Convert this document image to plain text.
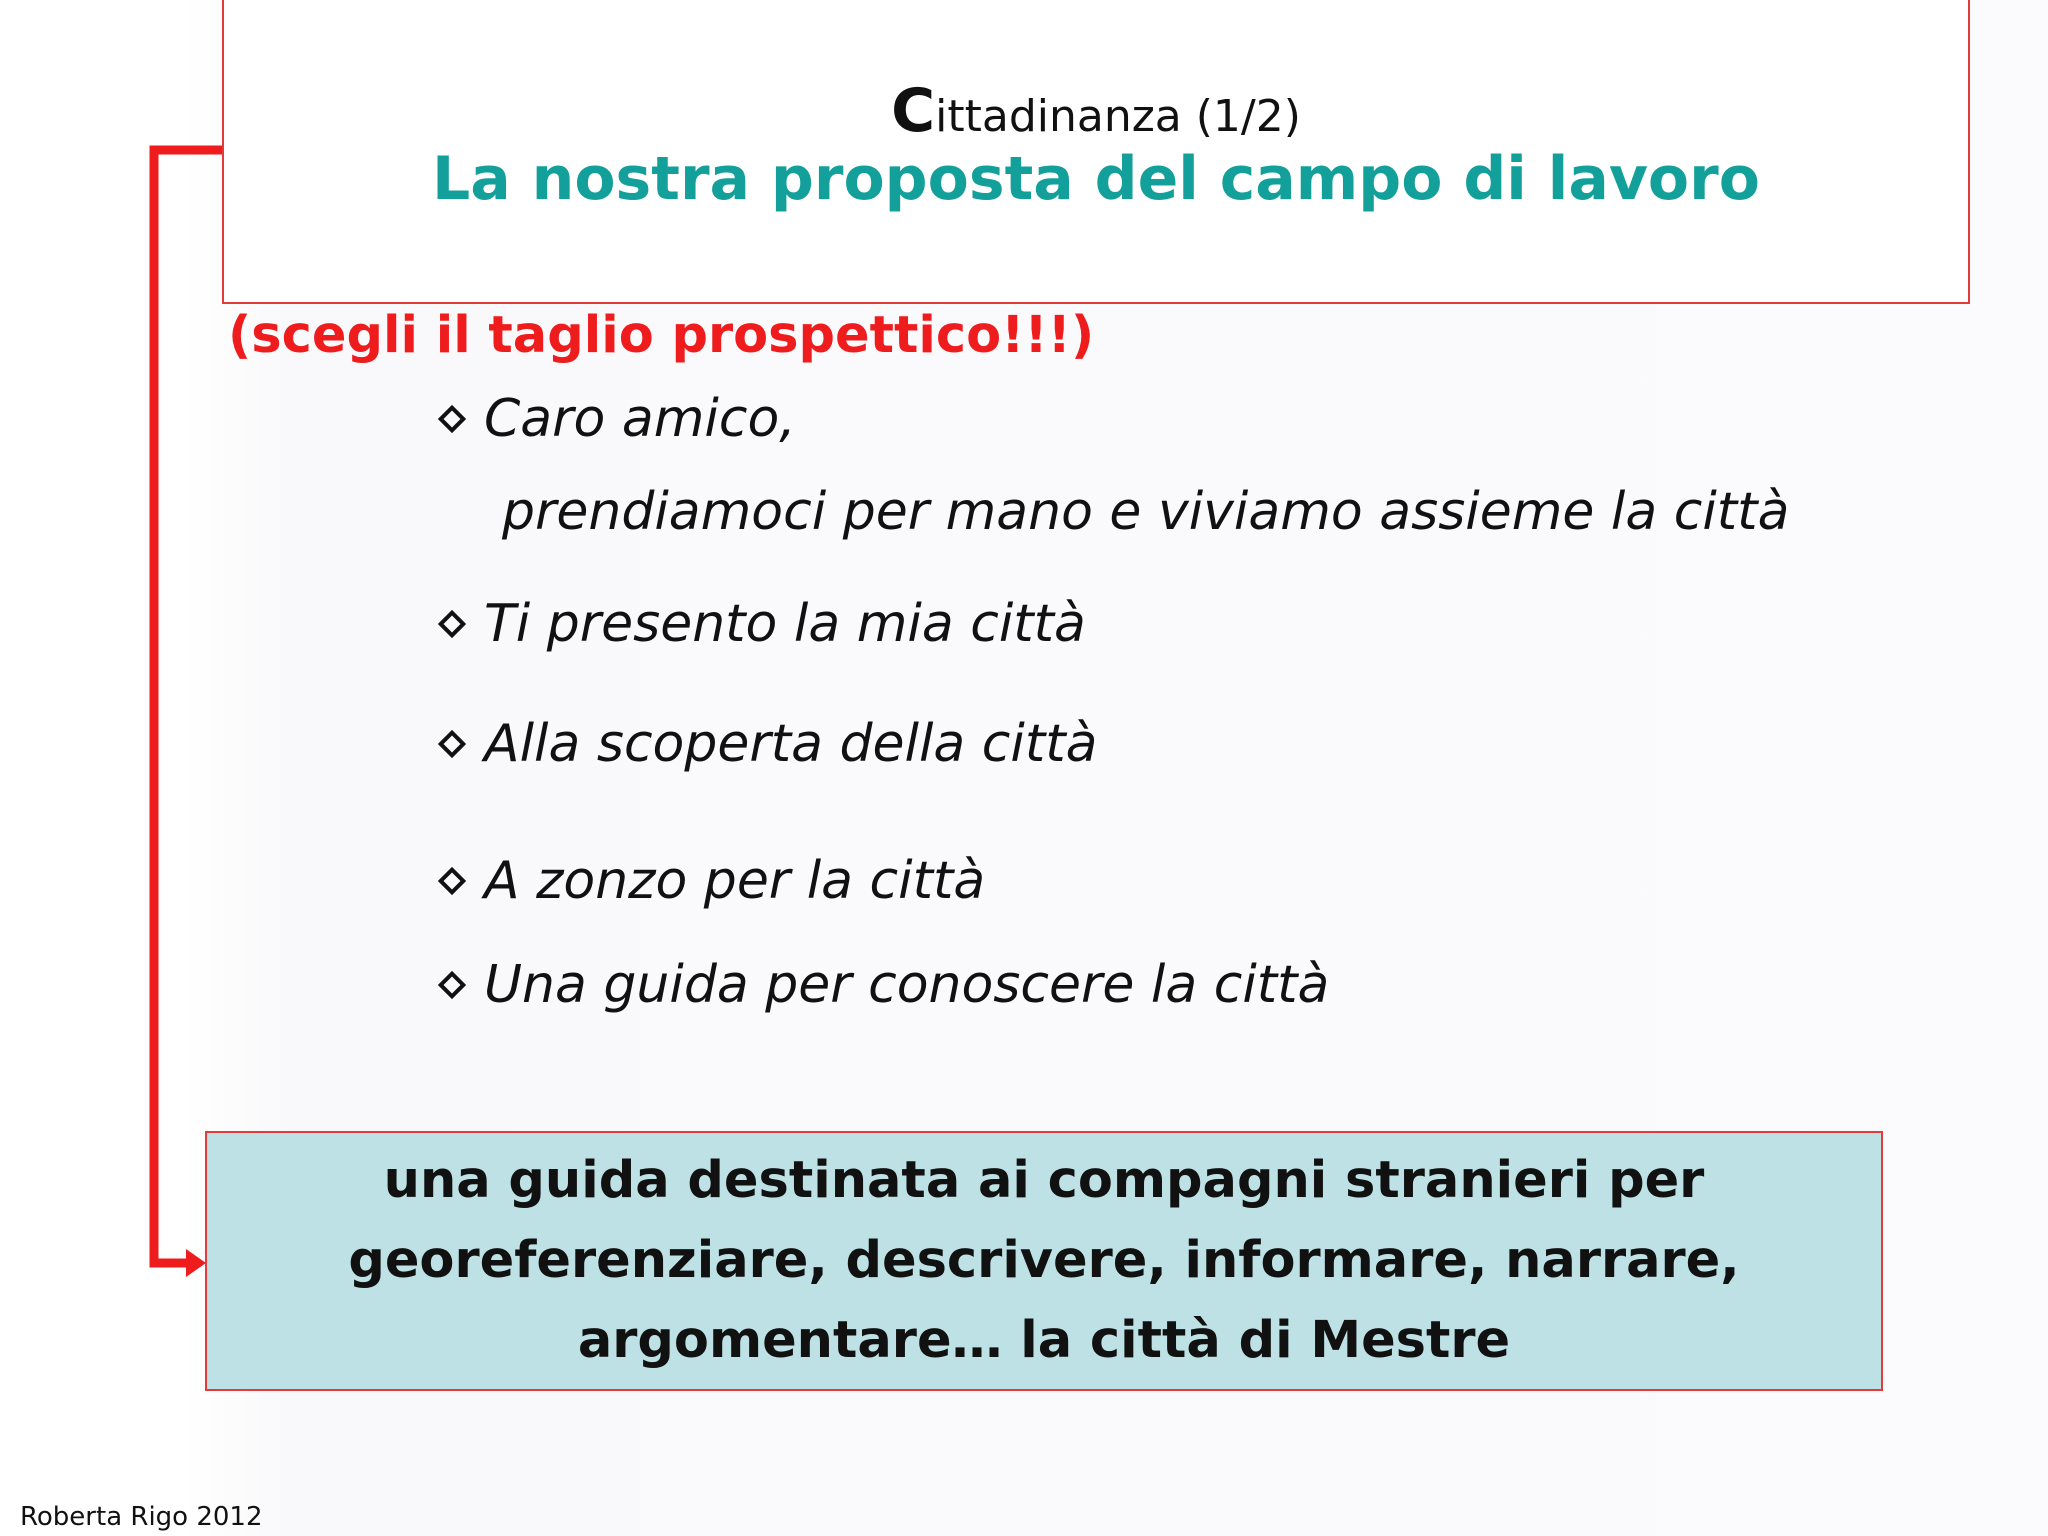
Cittadinanza (1/2)
La nostra proposta del campo di lavoro
(scegli il taglio prospettico!!!)
Caro amico,
prendiamoci per mano e viviamo assieme la città
Ti presento la mia città
Alla scoperta della città
A zonzo per la città
Una guida per conoscere la città
una guida destinata ai compagni stranieri per
georeferenziare, descrivere, informare, narrare,
argomentare… la città di Mestre
Roberta Rigo 2012
